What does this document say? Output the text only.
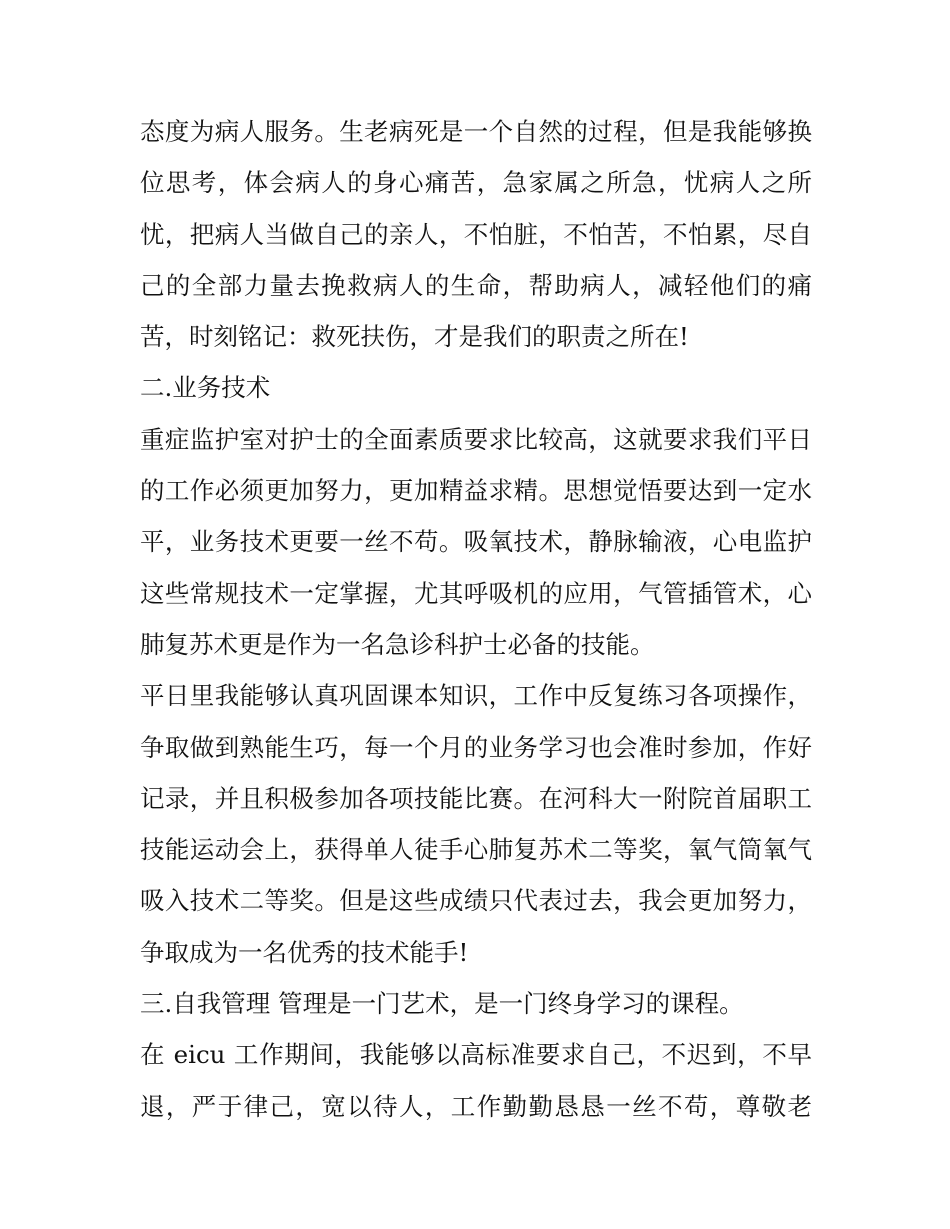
态度为病人服务。生老病死是一个自然的过程，但是我能够换
位思考，体会病人的身心痛苦，急家属之所急，忧病人之所
忧，把病人当做自己的亲人，不怕脏，不怕苦，不怕累，尽自
己的全部力量去挽救病人的生命，帮助病人，减轻他们的痛
苦，时刻铭记：救死扶伤，才是我们的职责之所在!
二.业务技术
重症监护室对护士的全面素质要求比较高，这就要求我们平日
的工作必须更加努力，更加精益求精。思想觉悟要达到一定水
平，业务技术更要一丝不苟。吸氧技术，静脉输液，心电监护
这些常规技术一定掌握，尤其呼吸机的应用，气管插管术，心
肺复苏术更是作为一名急诊科护士必备的技能。
平日里我能够认真巩固课本知识，工作中反复练习各项操作，
争取做到熟能生巧，每一个月的业务学习也会准时参加，作好
记录，并且积极参加各项技能比赛。在河科大一附院首届职工
技能运动会上，获得单人徒手心肺复苏术二等奖，氧气筒氧气
吸入技术二等奖。但是这些成绩只代表过去，我会更加努力，
争取成为一名优秀的技术能手!
三.自我管理 管理是一门艺术，是一门终身学习的课程。
在 eicu 工作期间，我能够以高标准要求自己，不迟到，不早
退，严于律己，宽以待人，工作勤勤恳恳一丝不苟，尊敬老
